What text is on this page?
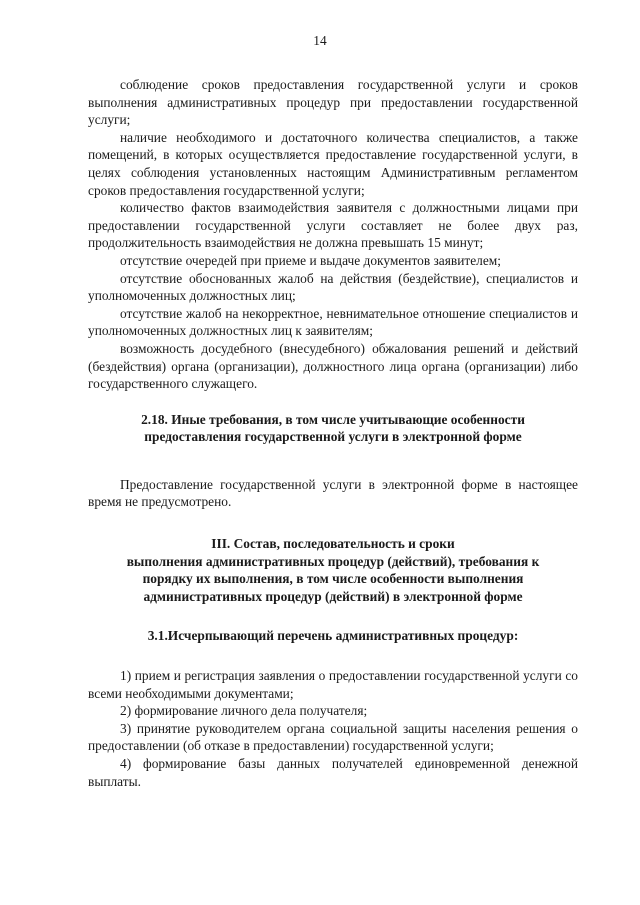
14

соблюдение сроков предоставления государственной услуги и сроков выполнения административных процедур при предоставлении государственной услуги;

наличие необходимого и достаточного количества специалистов, а также помещений, в которых осуществляется предоставление государственной услуги, в целях соблюдения установленных настоящим Административным регламентом сроков предоставления государственной услуги;

количество фактов взаимодействия заявителя с должностными лицами при предоставлении государственной услуги составляет не более двух раз, продолжительность взаимодействия не должна превышать 15 минут;

отсутствие очередей при приеме и выдаче документов заявителем;

отсутствие обоснованных жалоб на действия (бездействие), специалистов и уполномоченных должностных лиц;

отсутствие жалоб на некорректное, невнимательное отношение специалистов и уполномоченных должностных лиц к заявителям;

возможность досудебного (внесудебного) обжалования решений и действий (бездействия) органа (организации), должностного лица органа (организации) либо государственного служащего.

2.18. Иные требования, в том числе учитывающие особенности

предоставления государственной услуги в электронной форме

Предоставление государственной услуги в электронной форме в настоящее время не предусмотрено.

III. Состав, последовательность и сроки

выполнения административных процедур (действий), требования к

порядку их выполнения, в том числе особенности выполнения

административных процедур (действий) в электронной форме

3.1.Исчерпывающий перечень административных процедур:

1) прием и регистрация заявления о предоставлении государственной услуги со всеми необходимыми документами;

2) формирование личного дела получателя;

3) принятие руководителем органа социальной защиты населения решения о предоставлении (об отказе в предоставлении) государственной услуги;

4) формирование базы данных получателей единовременной денежной выплаты.
